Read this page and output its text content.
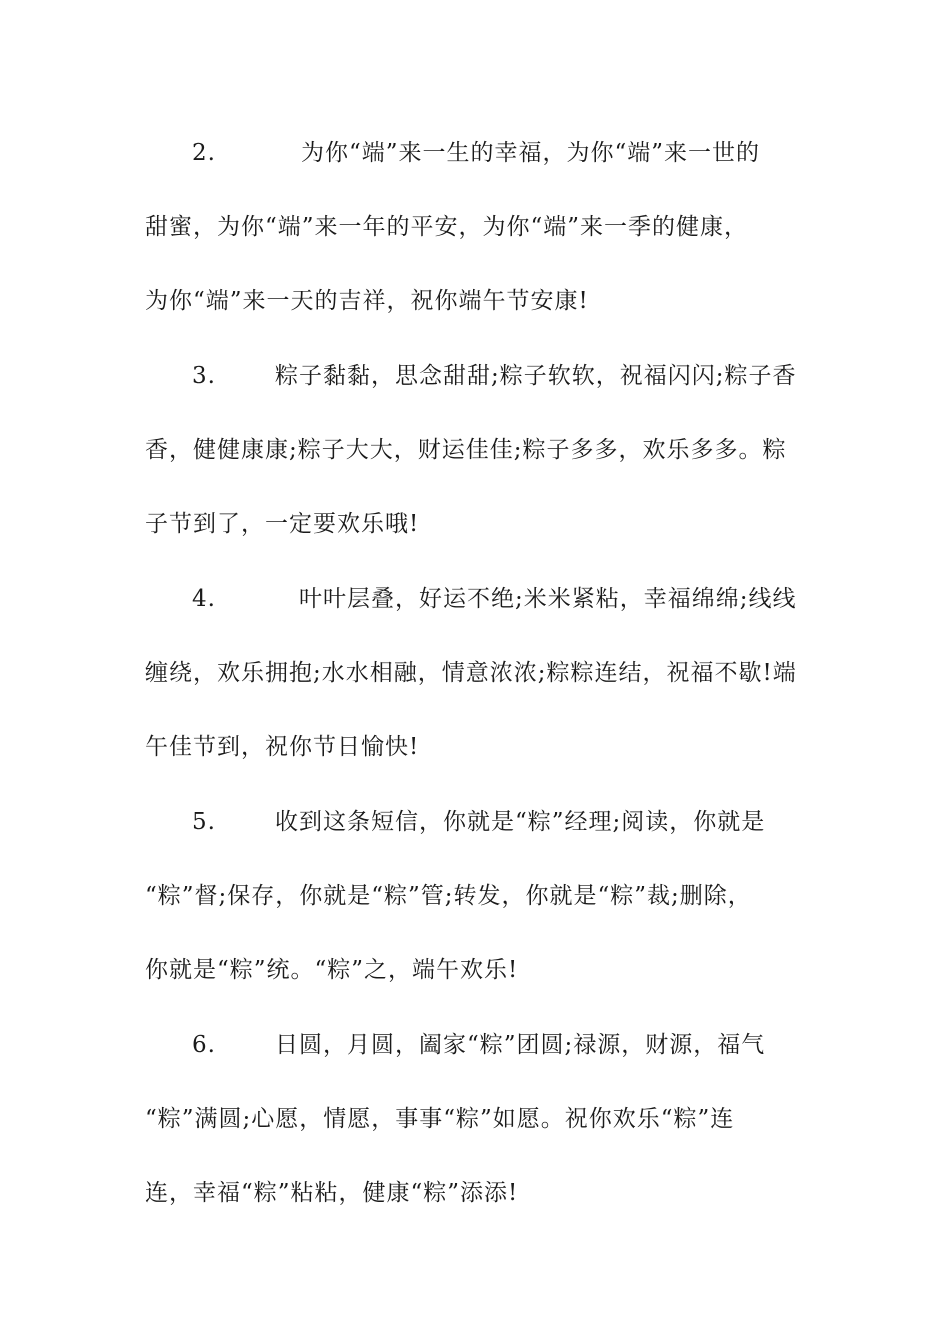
2.	为你“端”来一生的幸福，为你“端”来一世的
甜蜜，为你“端”来一年的平安，为你“端”来一季的健康，
为你“端”来一天的吉祥，祝你端午节安康!
3.	粽子黏黏，思念甜甜;粽子软软，祝福闪闪;粽子香
香，健健康康;粽子大大，财运佳佳;粽子多多，欢乐多多。粽
子节到了，一定要欢乐哦!
4.	叶叶层叠，好运不绝;米米紧粘，幸福绵绵;线线
缠绕，欢乐拥抱;水水相融，情意浓浓;粽粽连结，祝福不歇!端
午佳节到，祝你节日愉快!
5.	收到这条短信，你就是“粽”经理;阅读，你就是
“粽”督;保存，你就是“粽”管;转发，你就是“粽”裁;删除，
你就是“粽”统。“粽”之，端午欢乐!
6.	日圆，月圆，阖家“粽”团圆;禄源，财源，福气
“粽”满圆;心愿，情愿，事事“粽”如愿。祝你欢乐“粽”连
连，幸福“粽”粘粘，健康“粽”添添!
